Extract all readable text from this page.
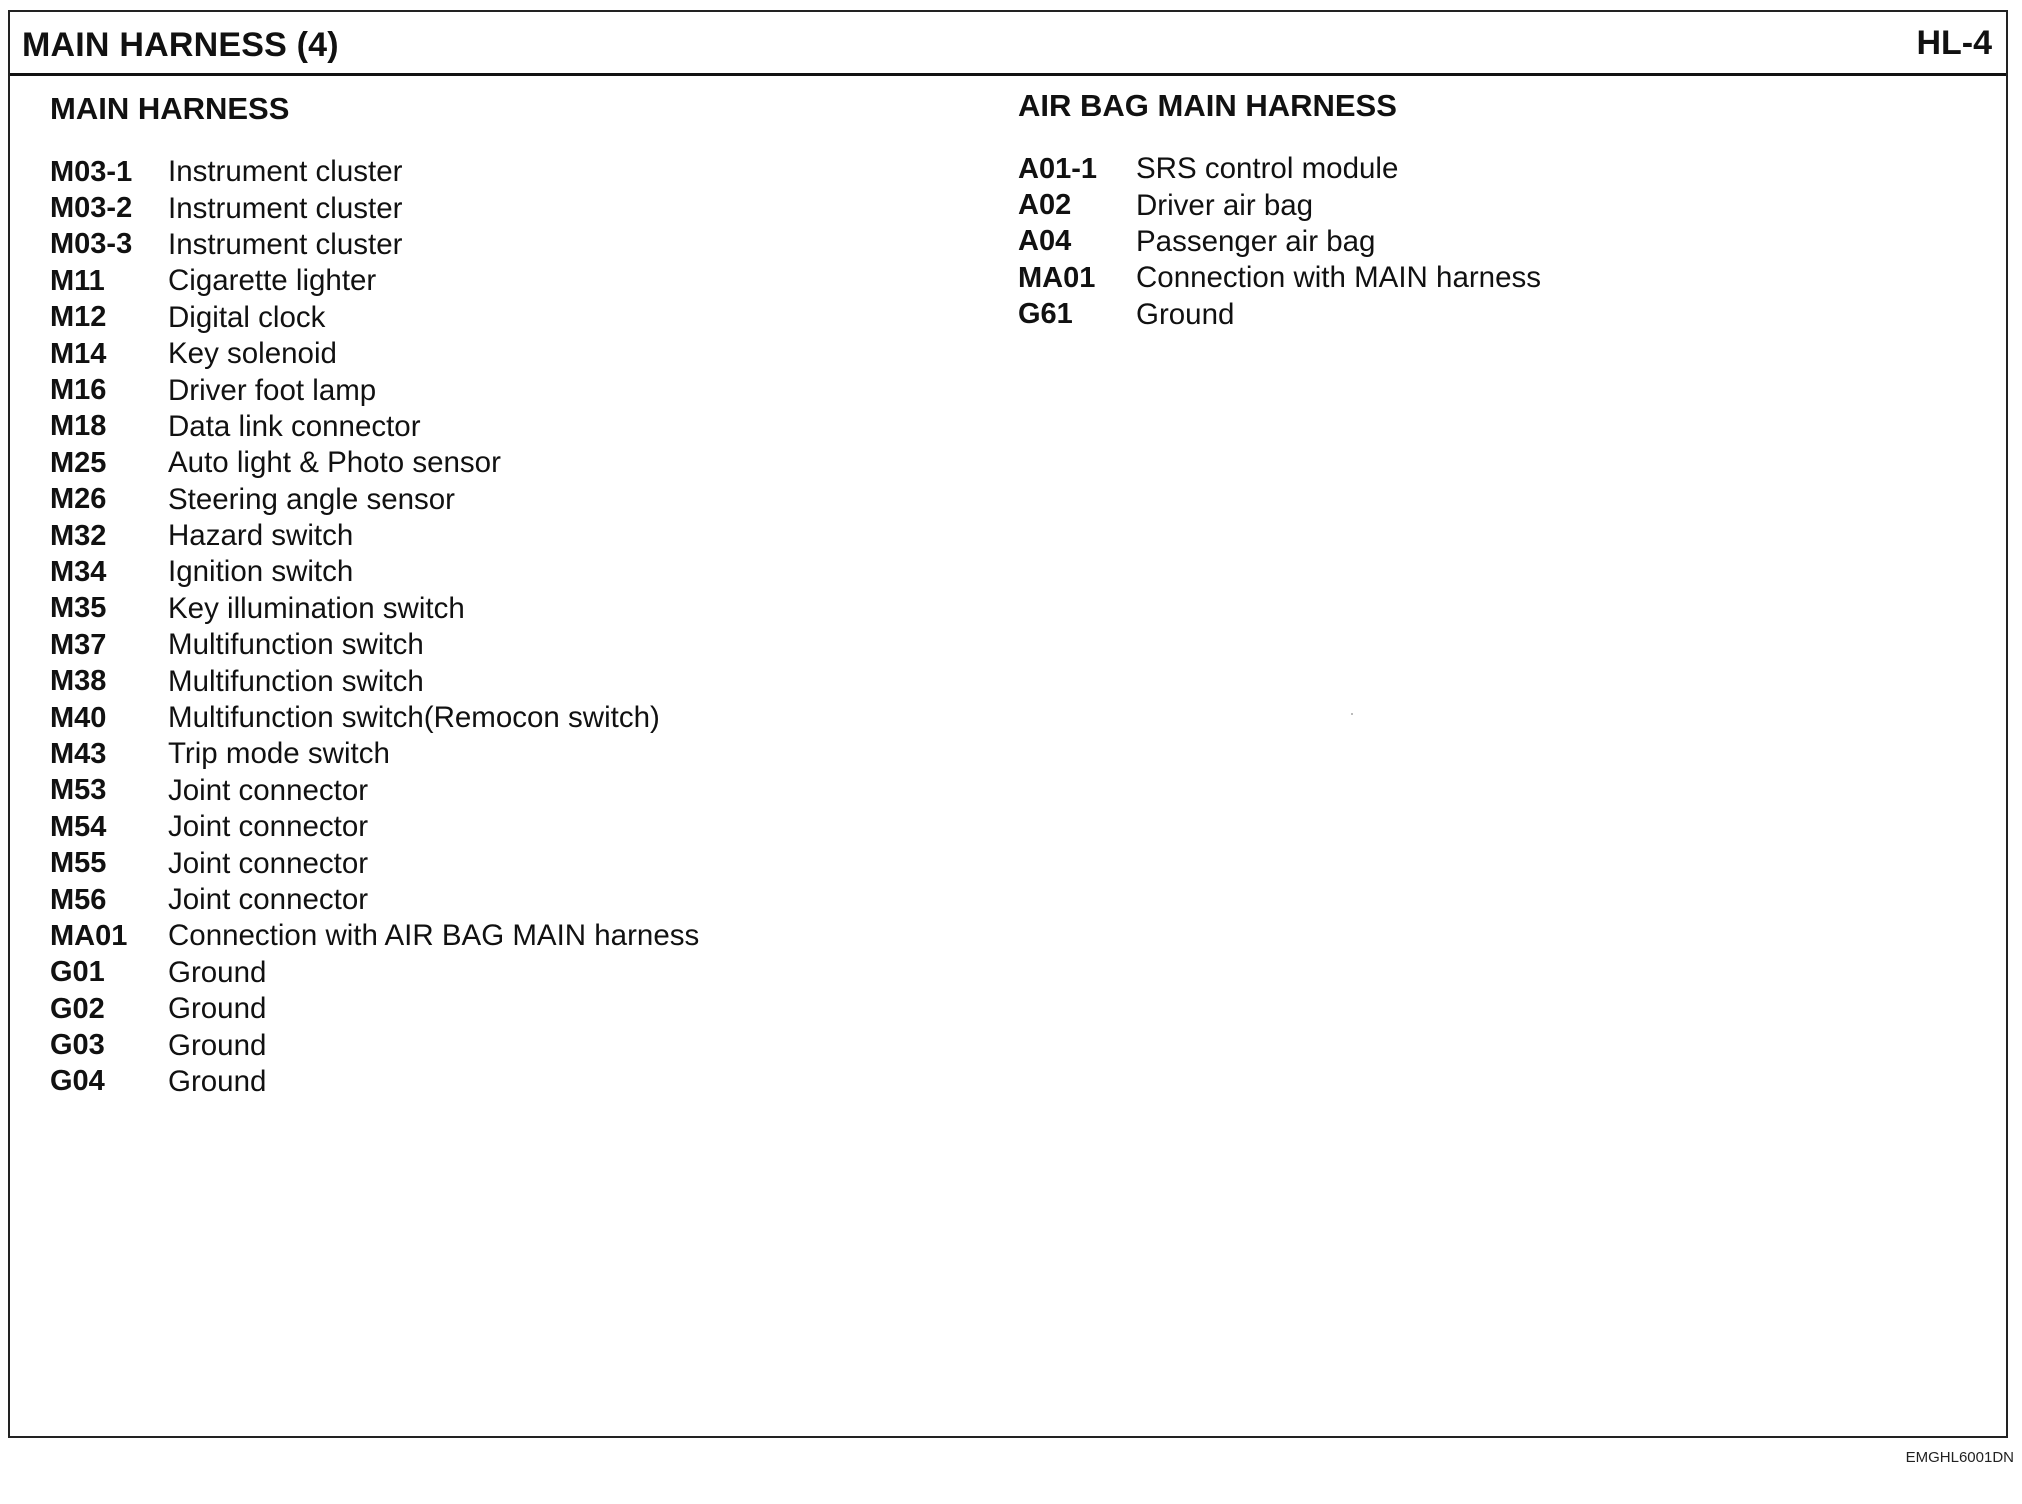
MAIN HARNESS (4)	HL-4
MAIN HARNESS
M03-1	Instrument cluster
M03-2	Instrument cluster
M03-3	Instrument cluster
M11	Cigarette lighter
M12	Digital clock
M14	Key solenoid
M16	Driver foot lamp
M18	Data link connector
M25	Auto light & Photo sensor
M26	Steering angle sensor
M32	Hazard switch
M34	Ignition switch
M35	Key illumination switch
M37	Multifunction switch
M38	Multifunction switch
M40	Multifunction switch(Remocon switch)
M43	Trip mode switch
M53	Joint connector
M54	Joint connector
M55	Joint connector
M56	Joint connector
MA01	Connection with AIR BAG MAIN harness
G01	Ground
G02	Ground
G03	Ground
G04	Ground
AIR BAG MAIN HARNESS
A01-1	SRS control module
A02	Driver air bag
A04	Passenger air bag
MA01	Connection with MAIN harness
G61	Ground
EMGHL6001DN
